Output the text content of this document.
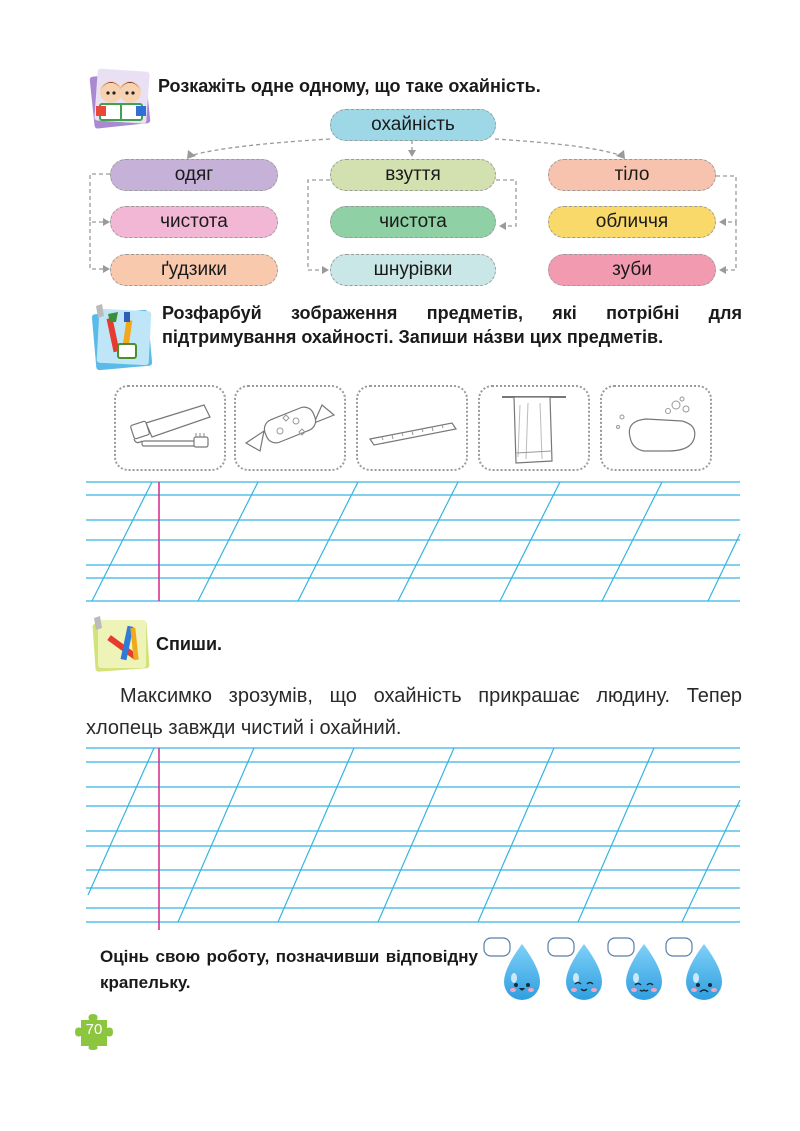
Розкажіть одне одному, що таке охайність.
охайність
одяг
чистота
ґудзики
взуття
чистота
шнурівки
тіло
обличчя
зуби
Розфарбуй зображення предметів, які потрібні для підтримування охайності. Запиши на́зви цих предметів.
Спиши.
Максимко зрозумів, що охайність прикрашає людину. Тепер хлопець завжди чистий і охайний.
Оцінь свою роботу, позначивши відповідну крапельку.
70
